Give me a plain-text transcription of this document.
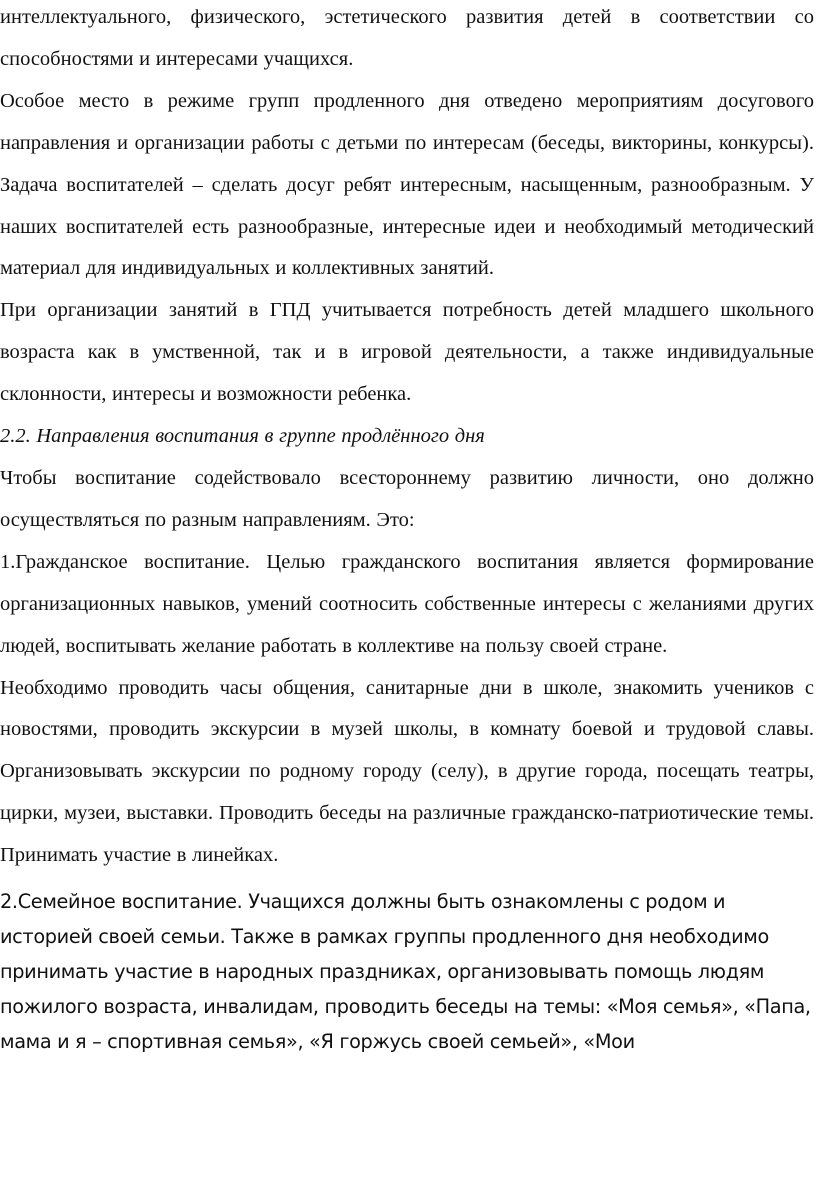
интеллектуального, физического, эстетического развития детей в соответствии со способностями и интересами учащихся.

Особое место в режиме групп продленного дня отведено мероприятиям досугового направления и организации работы с детьми по интересам (беседы, викторины, конкурсы). Задача воспитателей – сделать досуг ребят интересным, насыщенным, разнообразным. У наших воспитателей есть разнообразные, интересные идеи и необходимый методический материал для индивидуальных и коллективных занятий.

При организации занятий в ГПД учитывается потребность детей младшего школьного возраста как в умственной, так и в игровой деятельности, а также индивидуальные склонности, интересы и возможности ребенка.

2.2. Направления воспитания в группе продлённого дня

Чтобы воспитание содействовало всестороннему развитию личности, оно должно осуществляться по разным направлениям. Это:

1.Гражданское воспитание. Целью гражданского воспитания является формирование организационных навыков, умений соотносить собственные интересы с желаниями других людей, воспитывать желание работать в коллективе на пользу своей стране.

Необходимо проводить часы общения, санитарные дни в школе, знакомить учеников с новостями, проводить экскурсии в музей школы, в комнату боевой и трудовой славы. Организовывать экскурсии по родному городу (селу), в другие города, посещать театры, цирки, музеи, выставки. Проводить беседы на различные гражданско-патриотические темы. Принимать участие в линейках.

2.Семейное воспитание. Учащихся должны быть ознакомлены с родом и историей своей семьи. Также в рамках группы продленного дня необходимо принимать участие в народных праздниках, организовывать помощь людям пожилого возраста, инвалидам, проводить беседы на темы: «Моя семья», «Папа, мама и я – спортивная семья», «Я горжусь своей семьей», «Мои
